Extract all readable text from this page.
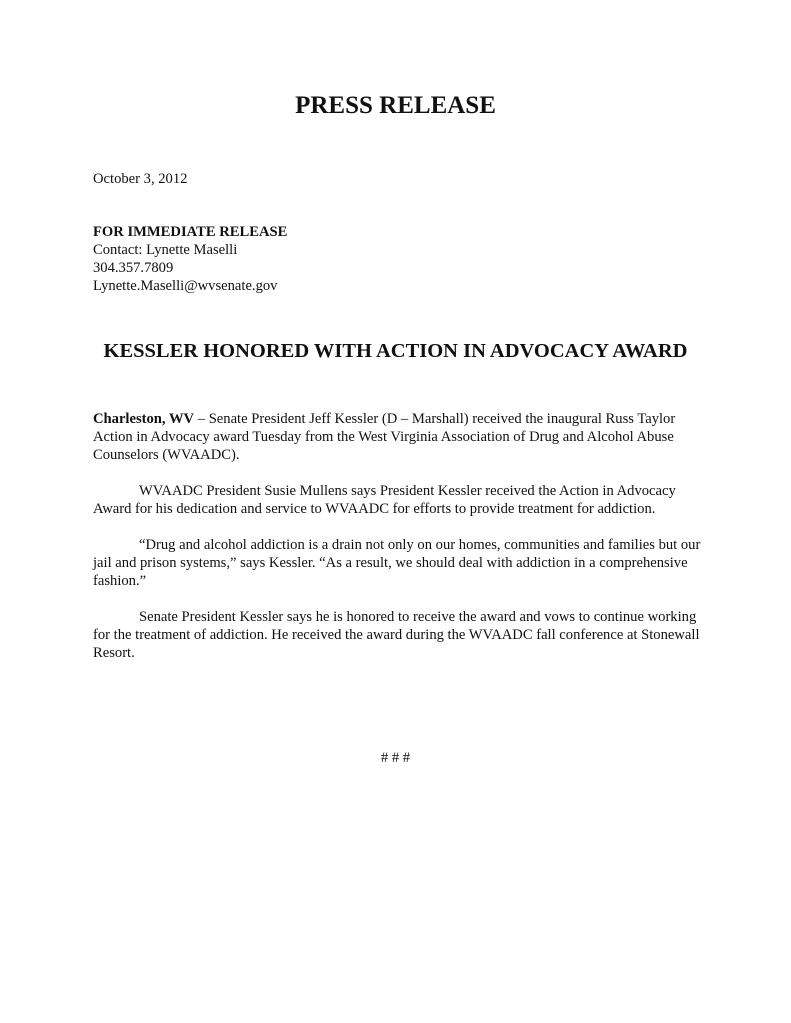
PRESS RELEASE
October 3, 2012
FOR IMMEDIATE RELEASE
Contact: Lynette Maselli
304.357.7809
Lynette.Maselli@wvsenate.gov
KESSLER HONORED WITH ACTION IN ADVOCACY AWARD

Charleston, WV – Senate President Jeff Kessler (D – Marshall) received the inaugural Russ Taylor Action in Advocacy award Tuesday from the West Virginia Association of Drug and Alcohol Abuse Counselors (WVAADC).

WVAADC President Susie Mullens says President Kessler received the Action in Advocacy Award for his dedication and service to WVAADC for efforts to provide treatment for addiction.

“Drug and alcohol addiction is a drain not only on our homes, communities and families but our jail and prison systems,” says Kessler. “As a result, we should deal with addiction in a comprehensive fashion.”

Senate President Kessler says he is honored to receive the award and vows to continue working for the treatment of addiction. He received the award during the WVAADC fall conference at Stonewall Resort.

# # #
